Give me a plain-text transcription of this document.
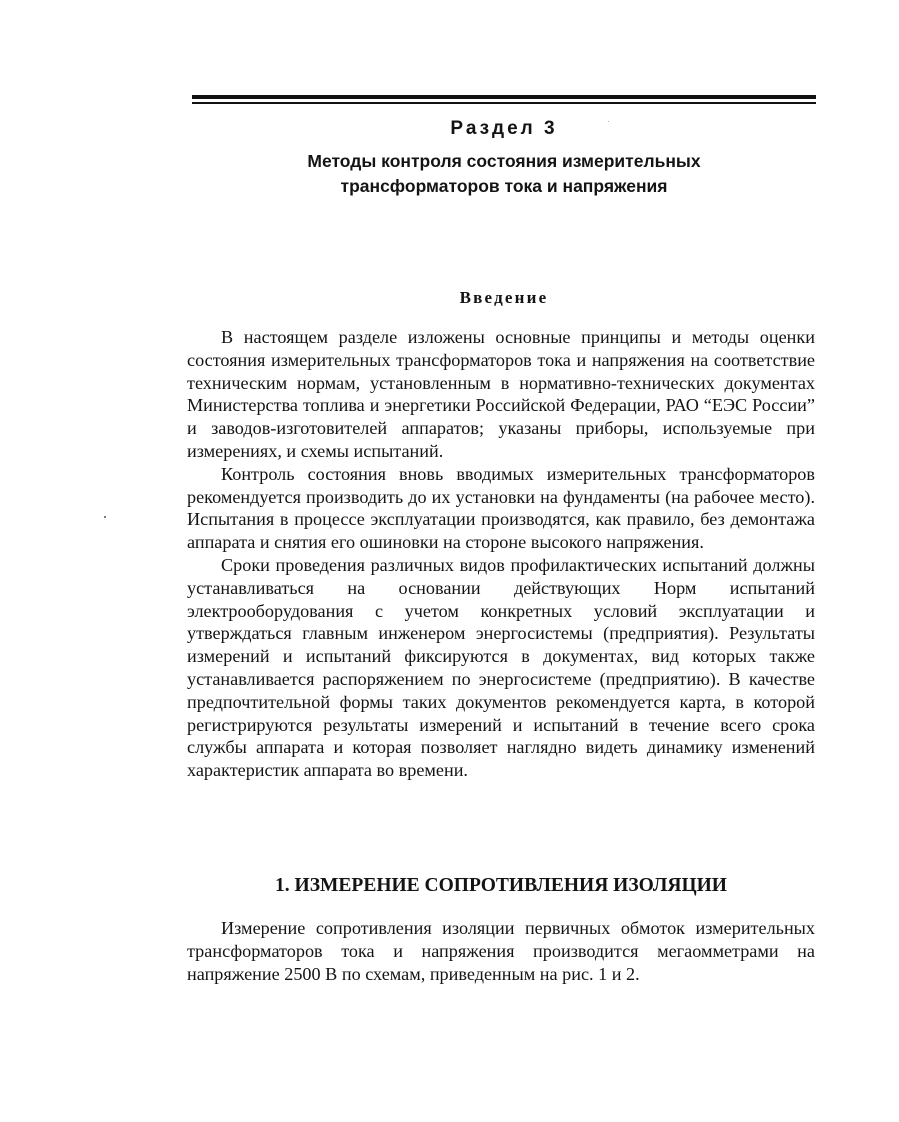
Раздел 3
Методы контроля состояния измерительных
трансформаторов тока и напряжения
Введение

В настоящем разделе изложены основные принципы и методы оценки состояния измерительных трансформаторов тока и напряжения на соответствие техническим нормам, установленным в нормативно-технических документах Министерства топлива и энергетики Российской Федерации, РАО “ЕЭС России” и заводов-изготовителей аппаратов; указаны приборы, используемые при измерениях, и схемы испытаний.

Контроль состояния вновь вводимых измерительных трансформаторов рекомендуется производить до их установки на фундаменты (на рабочее место). Испытания в процессе эксплуатации производятся, как правило, без демонтажа аппарата и снятия его ошиновки на стороне высокого напряжения.

Сроки проведения различных видов профилактических испытаний должны устанавливаться на основании действующих Норм испытаний электрооборудования с учетом конкретных условий эксплуатации и утверждаться главным инженером энергосистемы (предприятия). Результаты измерений и испытаний фиксируются в документах, вид которых также устанавливается распоряжением по энергосистеме (предприятию). В качестве предпочтительной формы таких документов рекомендуется карта, в которой регистрируются результаты измерений и испытаний в течение всего срока службы аппарата и которая позволяет наглядно видеть динамику изменений характеристик аппарата во времени.

1. ИЗМЕРЕНИЕ СОПРОТИВЛЕНИЯ ИЗОЛЯЦИИ

Измерение сопротивления изоляции первичных обмоток измерительных трансформаторов тока и напряжения производится мегаомметрами на напряжение 2500 В по схемам, приведенным на рис. 1 и 2.
